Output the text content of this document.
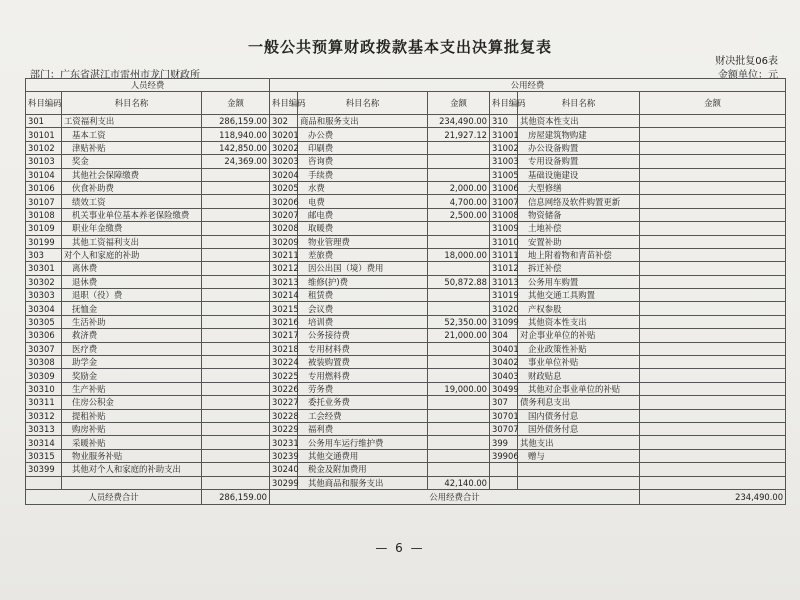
一般公共预算财政拨款基本支出决算批复表
财决批复06表
金额单位：元
部门：广东省湛江市雷州市龙门财政所
人员经费			公用经费					
科目编码	科目名称	金额	科目编码	科目名称	金额	科目编码	科目名称	金额
301	工资福利支出	286,159.00	302	商品和服务支出	234,490.00	310	其他资本性支出	
30101	基本工资	118,940.00	30201	办公费	21,927.12	31001	房屋建筑物购建	
30102	津贴补贴	142,850.00	30202	印刷费		31002	办公设备购置	
30103	奖金	24,369.00	30203	咨询费		31003	专用设备购置	
30104	其他社会保障缴费		30204	手续费		31005	基础设施建设	
30106	伙食补助费		30205	水费	2,000.00	31006	大型修缮	
30107	绩效工资		30206	电费	4,700.00	31007	信息网络及软件购置更新	
30108	机关事业单位基本养老保险缴费		30207	邮电费	2,500.00	31008	物资储备	
30109	职业年金缴费		30208	取暖费		31009	土地补偿	
30199	其他工资福利支出		30209	物业管理费		31010	安置补助	
303	对个人和家庭的补助		30211	差旅费	18,000.00	31011	地上附着物和青苗补偿	
30301	离休费		30212	因公出国（境）费用		31012	拆迁补偿	
30302	退休费		30213	维修(护)费	50,872.88	31013	公务用车购置	
30303	退职（役）费		30214	租赁费		31019	其他交通工具购置	
30304	抚恤金		30215	会议费		31020	产权参股	
30305	生活补助		30216	培训费	52,350.00	31099	其他资本性支出	
30306	救济费		30217	公务接待费	21,000.00	304	对企事业单位的补贴	
30307	医疗费		30218	专用材料费		30401	企业政策性补贴	
30308	助学金		30224	被装购置费		30402	事业单位补贴	
30309	奖励金		30225	专用燃料费		30403	财政贴息	
30310	生产补贴		30226	劳务费	19,000.00	30499	其他对企事业单位的补贴	
30311	住房公积金		30227	委托业务费		307	债务利息支出	
30312	提租补贴		30228	工会经费		30701	国内债务付息	
30313	购房补贴		30229	福利费		30707	国外债务付息	
30314	采暖补贴		30231	公务用车运行维护费		399	其他支出	
30315	物业服务补贴		30239	其他交通费用		39906	赠与	
30399	其他对个人和家庭的补助支出		30240	税金及附加费用				
			30299	其他商品和服务支出	42,140.00			
人员经费合计		286,159.00	公用经费合计					234,490.00
— 6 —
